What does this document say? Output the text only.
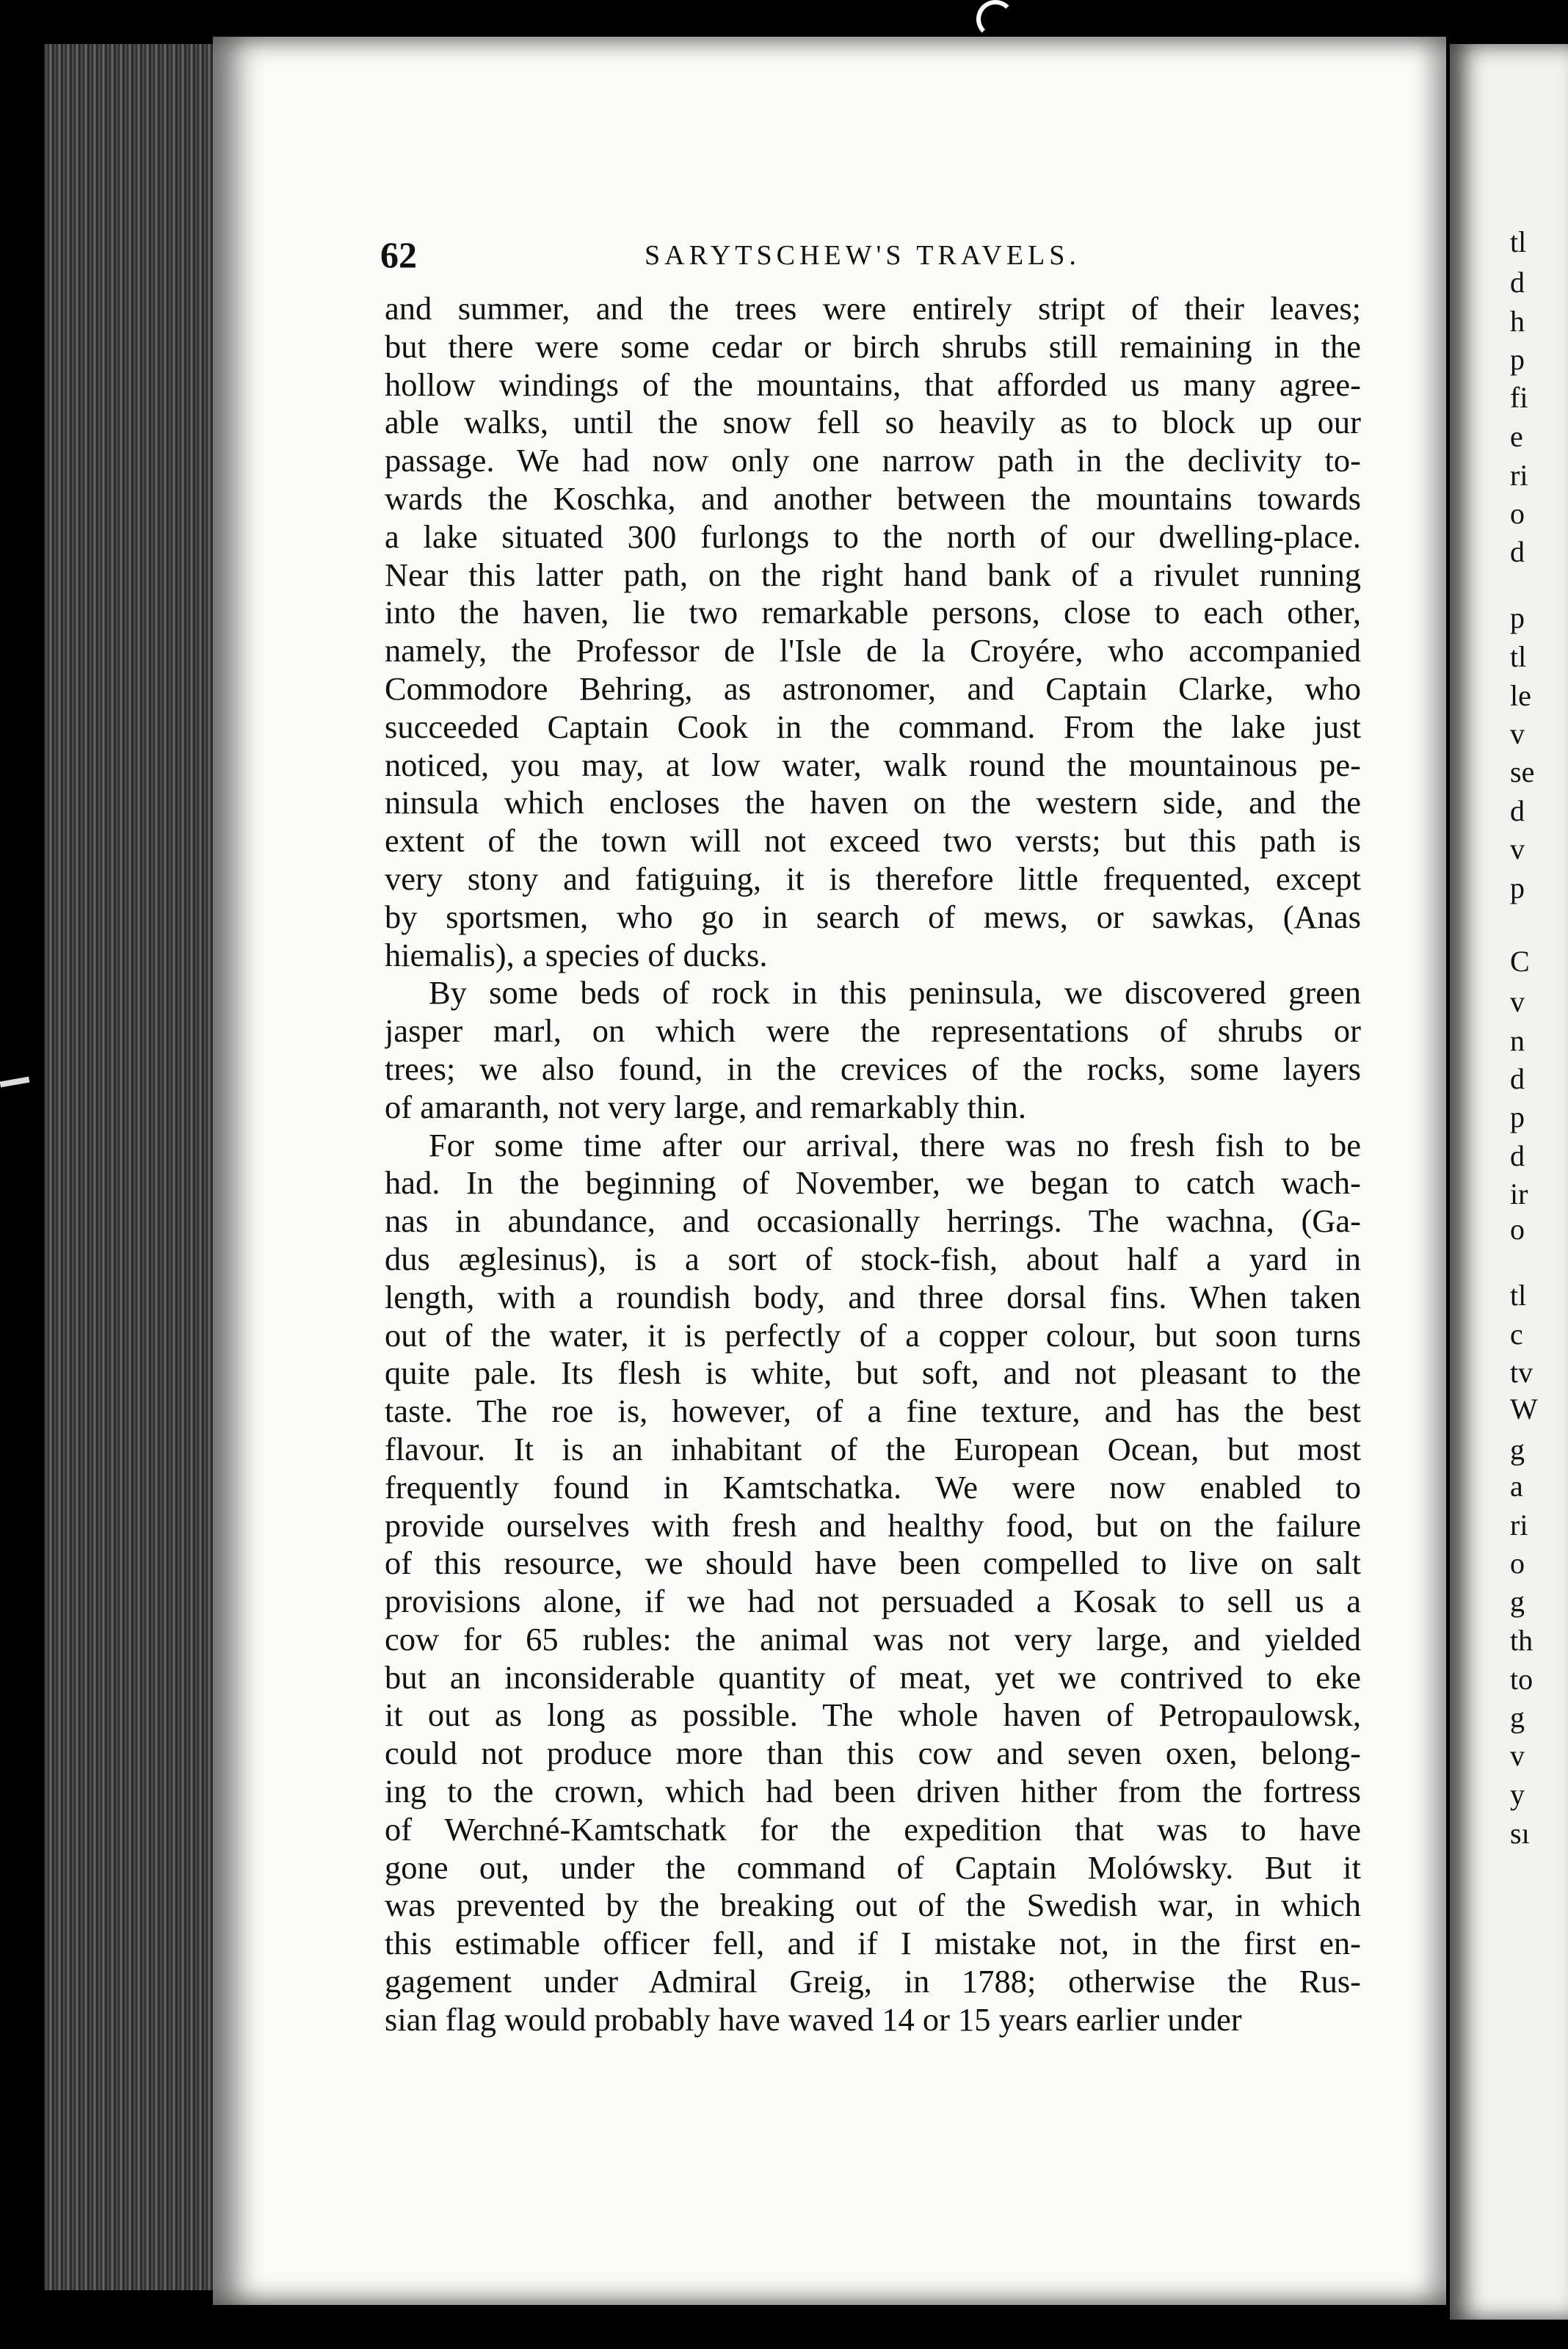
62	SARYTSCHEW'S TRAVELS.

and summer, and the trees were entirely stript of their leaves;
but there were some cedar or birch shrubs still remaining in the
hollow windings of the mountains, that afforded us many agree-
able walks, until the snow fell so heavily as to block up our
passage. We had now only one narrow path in the declivity to-
wards the Koschka, and another between the mountains towards
a lake situated 300 furlongs to the north of our dwelling-place.
Near this latter path, on the right hand bank of a rivulet running
into the haven, lie two remarkable persons, close to each other,
namely, the Professor de l'Isle de la Croyére, who accompanied
Commodore Behring, as astronomer, and Captain Clarke, who
succeeded Captain Cook in the command. From the lake just
noticed, you may, at low water, walk round the mountainous pe-
ninsula which encloses the haven on the western side, and the
extent of the town will not exceed two versts; but this path is
very stony and fatiguing, it is therefore little frequented, except
by sportsmen, who go in search of mews, or sawkas, (Anas
hiemalis), a species of ducks.

By some beds of rock in this peninsula, we discovered green
jasper marl, on which were the representations of shrubs or
trees; we also found, in the crevices of the rocks, some layers
of amaranth, not very large, and remarkably thin.

For some time after our arrival, there was no fresh fish to be
had. In the beginning of November, we began to catch wach-
nas in abundance, and occasionally herrings. The wachna, (Ga-
dus æglesinus), is a sort of stock-fish, about half a yard in
length, with a roundish body, and three dorsal fins. When taken
out of the water, it is perfectly of a copper colour, but soon turns
quite pale. Its flesh is white, but soft, and not pleasant to the
taste. The roe is, however, of a fine texture, and has the best
flavour. It is an inhabitant of the European Ocean, but most
frequently found in Kamtschatka. We were now enabled to
provide ourselves with fresh and healthy food, but on the failure
of this resource, we should have been compelled to live on salt
provisions alone, if we had not persuaded a Kosak to sell us a
cow for 65 rubles: the animal was not very large, and yielded
but an inconsiderable quantity of meat, yet we contrived to eke
it out as long as possible. The whole haven of Petropaulowsk,
could not produce more than this cow and seven oxen, belong-
ing to the crown, which had been driven hither from the fortress
of Werchné-Kamtschatk for the expedition that was to have
gone out, under the command of Captain Molówsky. But it
was prevented by the breaking out of the Swedish war, in which
this estimable officer fell, and if I mistake not, in the first en-
gagement under Admiral Greig, in 1788; otherwise the Rus-
sian flag would probably have waved 14 or 15 years earlier under

tl
d
h
p
fi
e
ri
o
d
p
tl
le
v
se
d
v
p
C
v
n
d
p
d
ir
o
tl
c
tv
W
g
a
ri
o
g
th
to
g
v
y
sı
